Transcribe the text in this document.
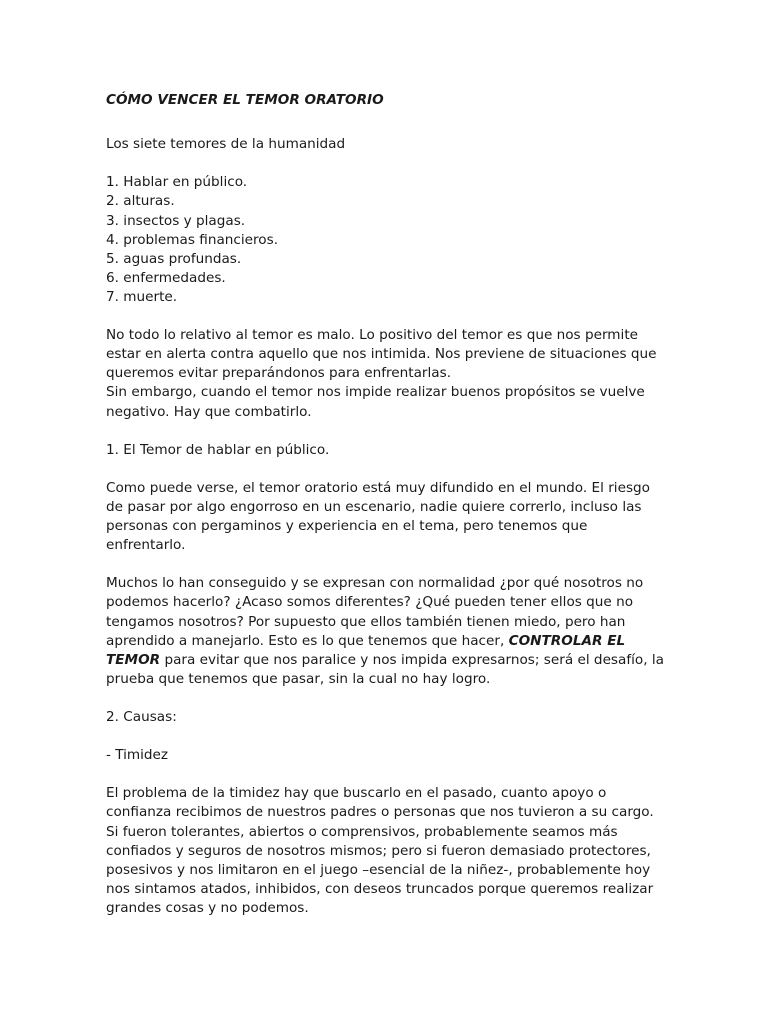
CÓMO VENCER EL TEMOR ORATORIO

Los siete temores de la humanidad

1. Hablar en público.

2. alturas.

3. insectos y plagas.

4. problemas financieros.

5. aguas profundas.

6. enfermedades.

7. muerte.

No todo lo relativo al temor es malo. Lo positivo del temor es que nos permite estar en alerta contra aquello que nos intimida. Nos previene de situaciones que queremos evitar preparándonos para enfrentarlas.

Sin embargo, cuando el temor nos impide realizar buenos propósitos se vuelve negativo. Hay que combatirlo.

1. El Temor de hablar en público.

Como puede verse, el temor oratorio está muy difundido en el mundo. El riesgo de pasar por algo engorroso en un escenario, nadie quiere correrlo, incluso las personas con pergaminos y experiencia en el tema, pero tenemos que enfrentarlo.

Muchos lo han conseguido y se expresan con normalidad ¿por qué nosotros no podemos hacerlo? ¿Acaso somos diferentes? ¿Qué pueden tener ellos que no tengamos nosotros? Por supuesto que ellos también tienen miedo, pero han aprendido a manejarlo. Esto es lo que tenemos que hacer, CONTROLAR EL TEMOR para evitar que nos paralice y nos impida expresarnos; será el desafío, la prueba que tenemos que pasar, sin la cual no hay logro.

2. Causas:

- Timidez

El problema de la timidez hay que buscarlo en el pasado, cuanto apoyo o confianza recibimos de nuestros padres o personas que nos tuvieron a su cargo. Si fueron tolerantes, abiertos o comprensivos, probablemente seamos más confiados y seguros de nosotros mismos; pero si fueron demasiado protectores, posesivos y nos limitaron en el juego –esencial de la niñez-, probablemente hoy nos sintamos atados, inhibidos, con deseos truncados porque queremos realizar grandes cosas y no podemos.
